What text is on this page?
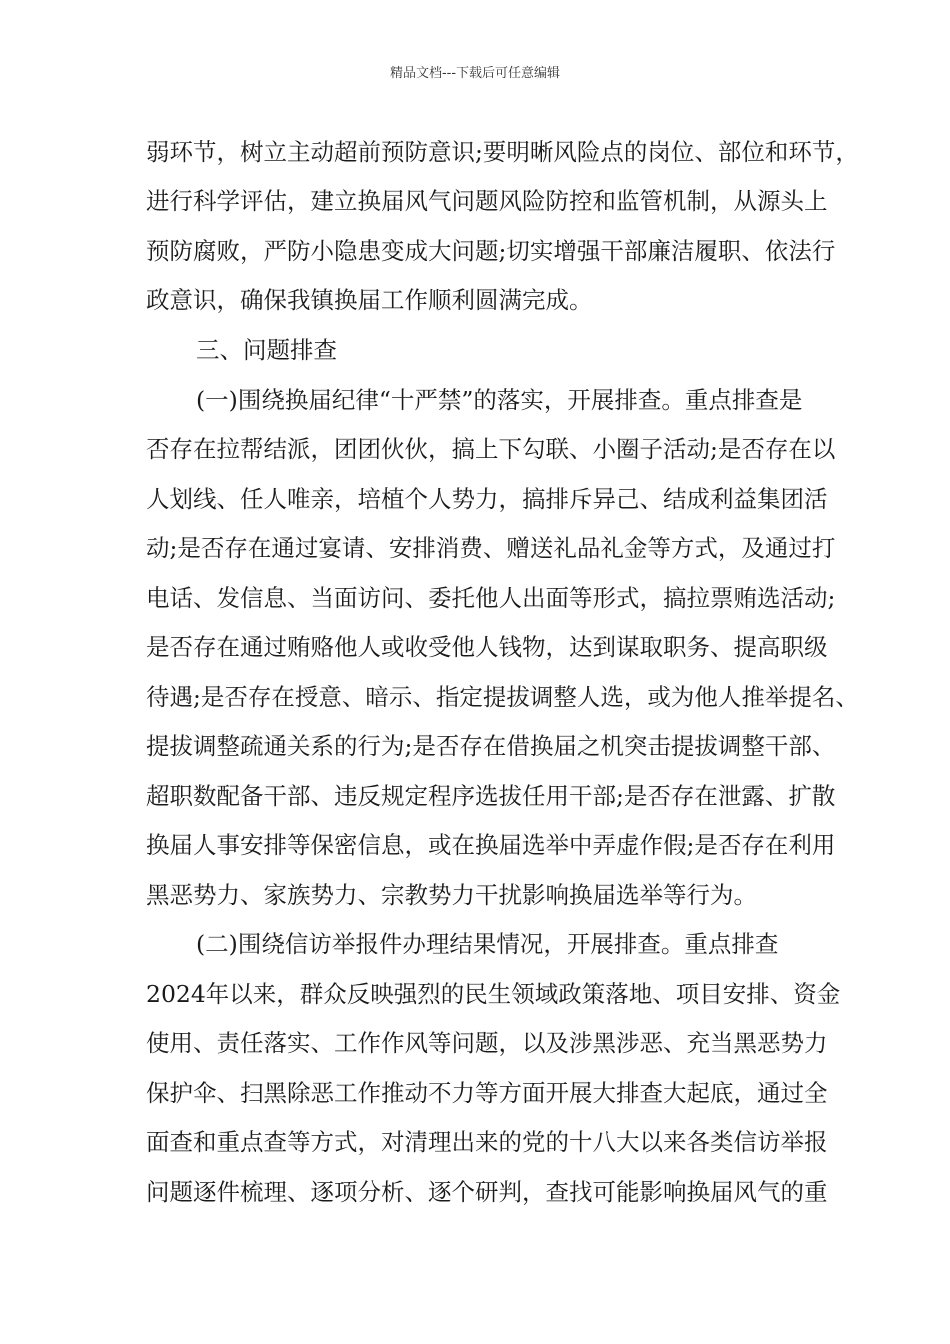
精品文档---下载后可任意编辑
弱环节，树立主动超前预防意识;要明晰风险点的岗位、部位和环节，
进行科学评估，建立换届风气问题风险防控和监管机制，从源头上
预防腐败，严防小隐患变成大问题;切实增强干部廉洁履职、依法行
政意识，确保我镇换届工作顺利圆满完成。
三、问题排查
(一)围绕换届纪律“十严禁”的落实，开展排查。重点排查是
否存在拉帮结派，团团伙伙，搞上下勾联、小圈子活动;是否存在以
人划线、任人唯亲，培植个人势力，搞排斥异己、结成利益集团活
动;是否存在通过宴请、安排消费、赠送礼品礼金等方式，及通过打
电话、发信息、当面访问、委托他人出面等形式，搞拉票贿选活动;
是否存在通过贿赂他人或收受他人钱物，达到谋取职务、提高职级
待遇;是否存在授意、暗示、指定提拔调整人选，或为他人推举提名、
提拔调整疏通关系的行为;是否存在借换届之机突击提拔调整干部、
超职数配备干部、违反规定程序选拔任用干部;是否存在泄露、扩散
换届人事安排等保密信息，或在换届选举中弄虚作假;是否存在利用
黑恶势力、家族势力、宗教势力干扰影响换届选举等行为。
(二)围绕信访举报件办理结果情况，开展排查。重点排查
2024年以来，群众反映强烈的民生领域政策落地、项目安排、资金
使用、责任落实、工作作风等问题，以及涉黑涉恶、充当黑恶势力
保护伞、扫黑除恶工作推动不力等方面开展大排查大起底，通过全
面查和重点查等方式，对清理出来的党的十八大以来各类信访举报
问题逐件梳理、逐项分析、逐个研判，查找可能影响换届风气的重
